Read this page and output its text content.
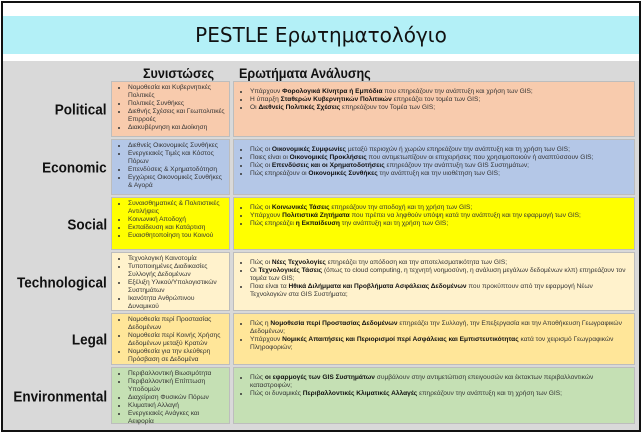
PESTLE Ερωτηματολόγιο
Συνιστώσες Ερωτήματα Ανάλυσης
Political
• Νομοθεσία και Κυβερνητικές Πολιτικές
• Πολιτικές Συνθήκες
• Διεθνής Σχέσεις και Γεωπολιτικές Επιρροές
• Διακυβέρνηση και Διοίκηση
• Υπάρχουν Φορολογικά Κίνητρα ή Εμπόδια που επηρεάζουν την ανάπτυξη και χρήση των GIS;
• Η ύπαρξη Σταθερών Κυβερνητικών Πολιτικών επηρεάζει τον τομέα των GIS;
• Οι Διεθνείς Πολιτικές Σχέσεις επηρεάζουν τον Τομέα των GIS;
Economic
• Διεθνείς Οικονομικές Συνθήκες
• Ενεργειακές Τιμές και Κόστος Πόρων
• Επενδύσεις & Χρηματοδότηση
• Εγχώριες Οικονομικές Συνθήκες & Αγορά
• Πώς οι Οικονομικές Συμφωνίες μεταξύ περιοχών ή χωρών επηρεάζουν την ανάπτυξη και τη χρήση των GIS;
• Ποιες είναι οι Οικονομικές Προκλήσεις που αντιμετωπίζουν οι επιχειρήσεις που χρησιμοποιούν ή αναπτύσσουν GIS;
• Πώς οι Επενδύσεις και οι Χρηματοδοτήσεις επηρεάζουν την ανάπτυξη των GIS Συστημάτων;
• Πώς επηρεάζουν οι Οικονομικές Συνθήκες την ανάπτυξη και την υιοθέτηση των GIS;
Social
• Συναισθηματικές & Πολιτιστικές Αντιλήψεις
• Κοινωνική Αποδοχή
• Εκπαίδευση και Κατάρτιση
• Ευαισθητοποίηση του Κοινού
• Πώς οι Κοινωνικές Τάσεις επηρεάζουν την αποδοχή και τη χρήση των GIS;
• Υπάρχουν Πολιτιστικά Ζητήματα που πρέπει να ληφθούν υπόψη κατά την ανάπτυξη και την εφαρμογή των GIS;
• Πώς επηρεάζει η Εκπαίδευση την ανάπτυξη και τη χρήση των GIS;
Technological
• Τεχνολογική Καινοτομία
• Τυποποιημένες Διαδικασίες Συλλογής Δεδομένων
• Εξέλιξη Υλικού/Υπολογιστικών Συστημάτων
• Ικανότητα Ανθρώπινου Δυναμικού
• Πώς οι Νέες Τεχνολογίες επηρεάζει την απόδοση και την αποτελεσματικότητα των GIS;
• Οι Τεχνολογικές Τάσεις (όπως το cloud computing, η τεχνητή νοημοσύνη, η ανάλυση μεγάλων δεδομένων κλπ) επηρεάζουν τον τομέα των GIS;
• Ποια είναι τα Ηθικά Διλήμματα και Προβλήματα Ασφάλειας Δεδομένων που προκύπτουν από την εφαρμογή Νέων Τεχνολογιών στα GIS Συστήματα;
Legal
• Νομοθεσία περί Προστασίας Δεδομένων
• Νομοθεσία περί Κοινής Χρήσης Δεδομένων μεταξύ Κρατών
• Νομοθεσία για την ελεύθερη Πρόσβαση σε Δεδομένα
• Πώς η Νομοθεσία περί Προστασίας Δεδομένων επηρεάζει την Συλλογή, την Επεξεργασία και την Αποθήκευση Γεωγραφικών Δεδομένων;
• Υπάρχουν Νομικές Απαιτήσεις και Περιορισμοί περί Ασφάλειας και Εμπιστευτικότητας κατά τον χειρισμό Γεωγραφικών Πληροφοριών;
Environmental
• Περιβαλλοντική Βιωσιμότητα
• Περιβαλλοντική Επίπτωση Υποδομών
• Διαχείριση Φυσικών Πόρων
• Κλιματική Αλλαγή
• Ενεργειακές Ανάγκες και Αειφορία
• Πώς οι εφαρμογές των GIS Συστημάτων συμβάλουν στην αντιμετώπιση επειγουσών και έκτακτων περιβαλλοντικών καταστροφών;
• Πώς οι δυναμικές Περιβαλλοντικές Κλιματικές Αλλαγές επηρεάζουν την ανάπτυξη και τη χρήση των GIS;
